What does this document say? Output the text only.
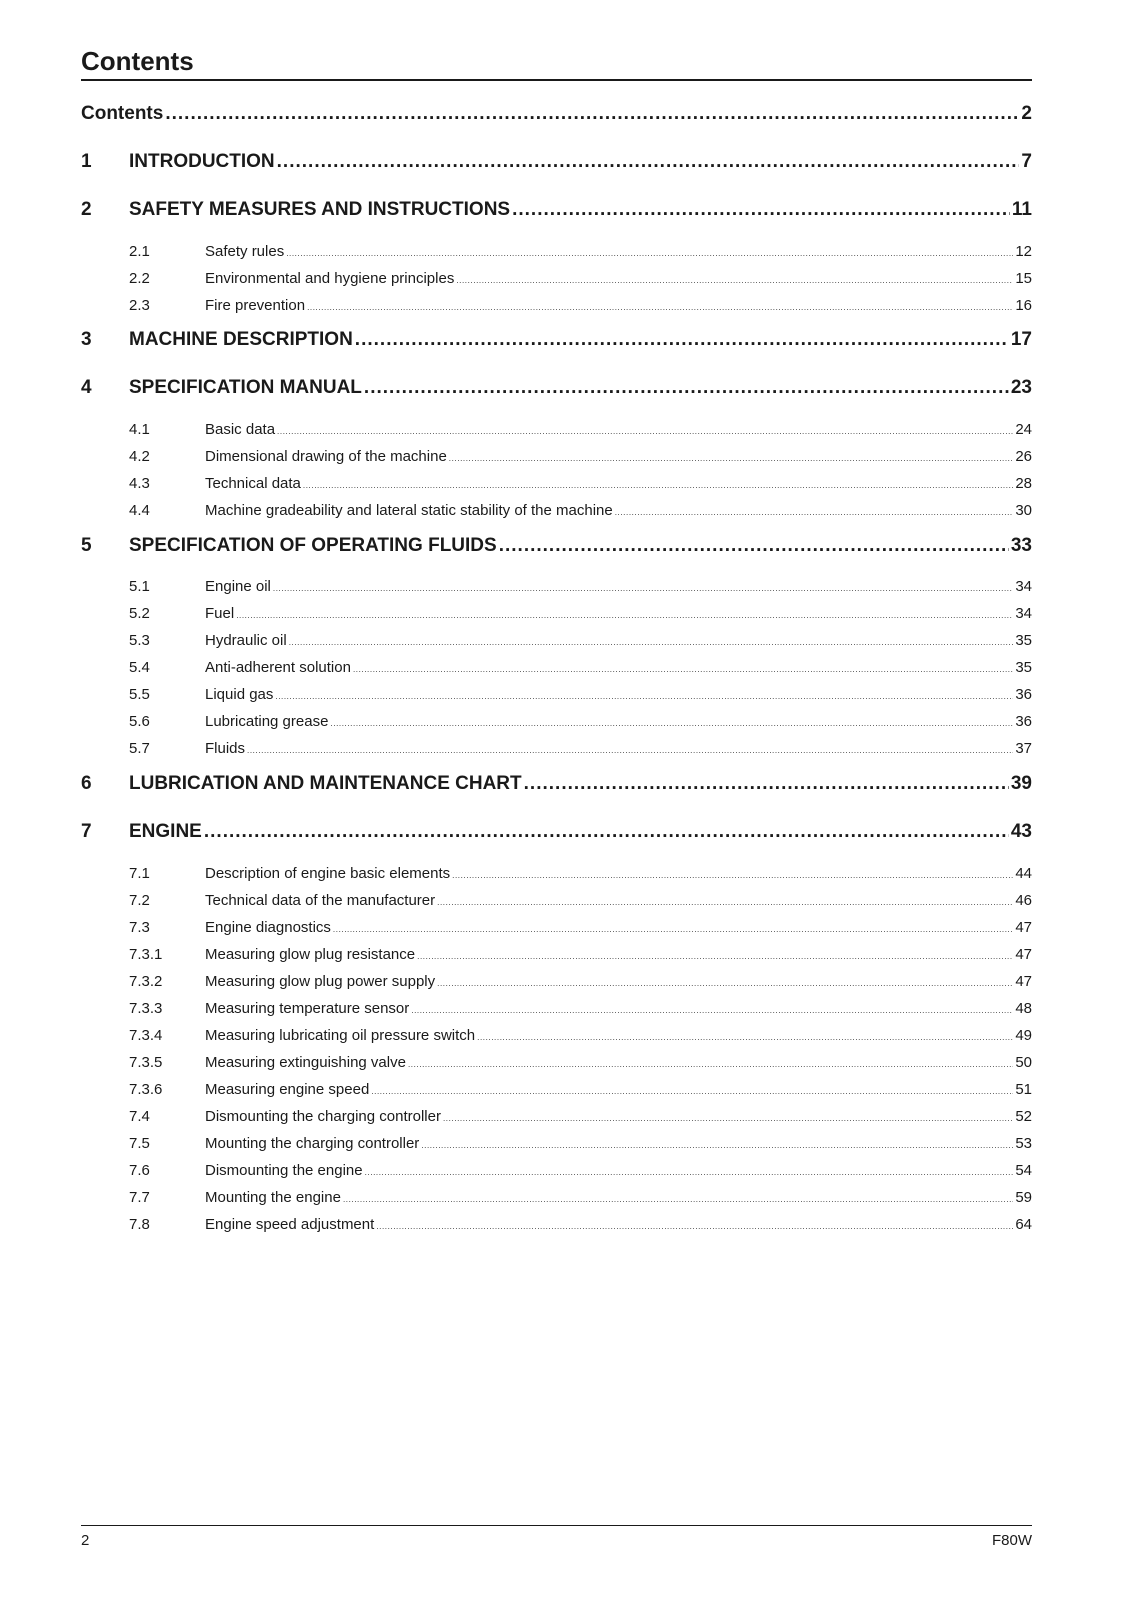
Contents
Contents .....	2
1	INTRODUCTION .....	7
2	SAFETY MEASURES AND INSTRUCTIONS .....	11
2.1	Safety rules .....	12
2.2	Environmental and hygiene principles .....	15
2.3	Fire prevention .....	16
3	MACHINE DESCRIPTION .....	17
4	SPECIFICATION MANUAL .....	23
4.1	Basic data .....	24
4.2	Dimensional drawing of the machine .....	26
4.3	Technical data .....	28
4.4	Machine gradeability and lateral static stability of the machine .....	30
5	SPECIFICATION OF OPERATING FLUIDS .....	33
5.1	Engine oil .....	34
5.2	Fuel .....	34
5.3	Hydraulic oil .....	35
5.4	Anti-adherent solution .....	35
5.5	Liquid gas .....	36
5.6	Lubricating grease .....	36
5.7	Fluids .....	37
6	LUBRICATION AND MAINTENANCE CHART .....	39
7	ENGINE .....	43
7.1	Description of engine basic elements .....	44
7.2	Technical data of the manufacturer .....	46
7.3	Engine diagnostics .....	47
7.3.1	Measuring glow plug resistance .....	47
7.3.2	Measuring glow plug power supply .....	47
7.3.3	Measuring temperature sensor .....	48
7.3.4	Measuring lubricating oil pressure switch .....	49
7.3.5	Measuring extinguishing valve .....	50
7.3.6	Measuring engine speed .....	51
7.4	Dismounting the charging controller .....	52
7.5	Mounting the charging controller .....	53
7.6	Dismounting the engine .....	54
7.7	Mounting the engine .....	59
7.8	Engine speed adjustment .....	64
2	F80W
